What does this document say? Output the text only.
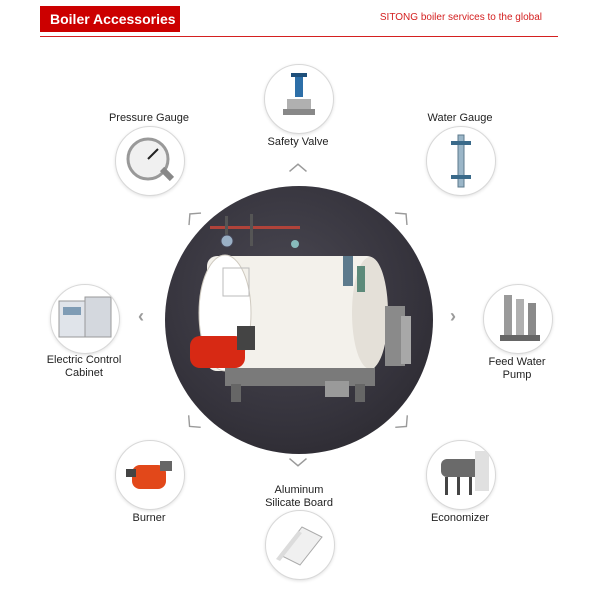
Boiler Accessories	SITONG boiler services to the global
︿
︿	︿
‹	›
﹀	﹀
﹀
Safety Valve
Pressure Gauge	Water Gauge
Electric Control
Cabinet
Feed Water
Pump
Burner
Aluminum
Silicate Board
Economizer
